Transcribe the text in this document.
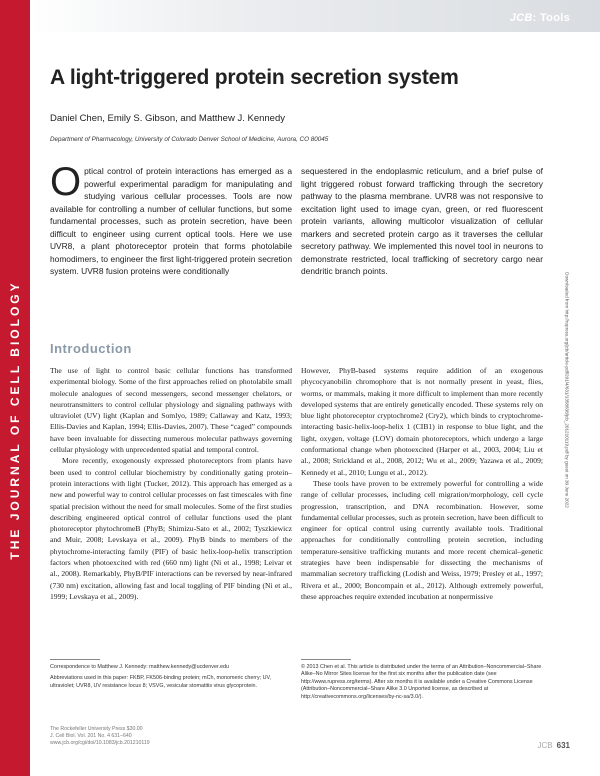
THE JOURNAL OF CELL BIOLOGY
JCB: Tools
Downloaded from http://rupress.org/jcb/article-pdf/201/4/631/1358838/jcb_201210119.pdf by guest on 30 June 2022
A light-triggered protein secretion system
Daniel Chen, Emily S. Gibson, and Matthew J. Kennedy
Department of Pharmacology, University of Colorado Denver School of Medicine, Aurora, CO 80045
Optical control of protein interactions has emerged as a powerful experimental paradigm for manipulating and studying various cellular processes. Tools are now available for controlling a number of cellular functions, but some fundamental processes, such as protein secretion, have been difficult to engineer using current optical tools. Here we use UVR8, a plant photoreceptor protein that forms photolabile homodimers, to engineer the first light-triggered protein secretion system. UVR8 fusion proteins were conditionally
sequestered in the endoplasmic reticulum, and a brief pulse of light triggered robust forward trafficking through the secretory pathway to the plasma membrane. UVR8 was not responsive to excitation light used to image cyan, green, or red fluorescent protein variants, allowing multicolor visualization of cellular markers and secreted protein cargo as it traverses the cellular secretory pathway. We implemented this novel tool in neurons to demonstrate restricted, local trafficking of secretory cargo near dendritic branch points.
Introduction

The use of light to control basic cellular functions has transformed experimental biology. Some of the first approaches relied on photolabile small molecule analogues of second messengers, second messenger chelators, or neurotransmitters to control cellular physiology and signaling pathways with ultraviolet (UV) light (Kaplan and Somlyo, 1989; Callaway and Katz, 1993; Ellis-Davies and Kaplan, 1994; Ellis-Davies, 2007). These “caged” compounds have been invaluable for dissecting numerous molecular pathways governing cellular physiology with unprecedented spatial and temporal control.

More recently, exogenously expressed photoreceptors from plants have been used to control cellular biochemistry by conditionally gating protein–protein interactions with light (Tucker, 2012). This approach has emerged as a new and powerful way to control cellular processes on fast timescales with fine spatial precision without the need for small molecules. Some of the first studies describing engineered optical control of cellular functions used the plant photoreceptor phytochromeB (PhyB; Shimizu-Sato et al., 2002; Tyszkiewicz and Muir, 2008; Levskaya et al., 2009). PhyB binds to members of the phytochrome-interacting family (PIF) of basic helix-loop-helix transcription factors when photoexcited with red (660 nm) light (Ni et al., 1998; Leivar et al., 2008). Remarkably, PhyB/PIF interactions can be reversed by near-infrared (730 nm) excitation, allowing fast and local toggling of PIF binding (Ni et al., 1999; Levskaya et al., 2009).

However, PhyB-based systems require addition of an exogenous phycocyanobilin chromophore that is not normally present in yeast, flies, worms, or mammals, making it more difficult to implement than more recently developed systems that are entirely genetically encoded. These systems rely on blue light photoreceptor cryptochrome2 (Cry2), which binds to cryptochrome-interacting basic-helix-loop-helix 1 (CIB1) in response to blue light, and the light, oxygen, voltage (LOV) domain photoreceptors, which undergo a large conformational change when photoexcited (Harper et al., 2003, 2004; Liu et al., 2008; Strickland et al., 2008, 2012; Wu et al., 2009; Yazawa et al., 2009; Kennedy et al., 2010; Lungu et al., 2012).

These tools have proven to be extremely powerful for controlling a wide range of cellular processes, including cell migration/morphology, cell cycle progression, transcription, and DNA recombination. However, some fundamental cellular processes, such as protein secretion, have been difficult to engineer for optical control using currently available tools. Traditional approaches for conditionally controlling protein secretion, including temperature-sensitive trafficking mutants and more recent chemical–genetic strategies have been indispensable for dissecting the mechanisms of mammalian secretory trafficking (Lodish and Weiss, 1979; Presley et al., 1997; Rivera et al., 2000; Boncompain et al., 2012). Although extremely powerful, these approaches require extended incubation at nonpermissive

Correspondence to Matthew J. Kennedy: matthew.kennedy@ucdenver.edu

Abbreviations used in this paper: FKBP, FK506-binding protein; mCh, monomeric cherry; UV, ultraviolet; UVR8, UV resistance locus 8; VSVG, vesicular stomatitis virus glycoprotein.

© 2013 Chen et al. This article is distributed under the terms of an Attribution–Noncommercial–Share Alike–No Mirror Sites license for the first six months after the publication date (see http://www.rupress.org/terms). After six months it is available under a Creative Commons License (Attribution–Noncommercial–Share Alike 3.0 Unported license, as described at http://creativecommons.org/licenses/by-nc-sa/3.0/).

The Rockefeller University Press $30.00
J. Cell Biol. Vol. 201 No. 4 631–640
www.jcb.org/cgi/doi/10.1083/jcb.201210119	JCB 631
